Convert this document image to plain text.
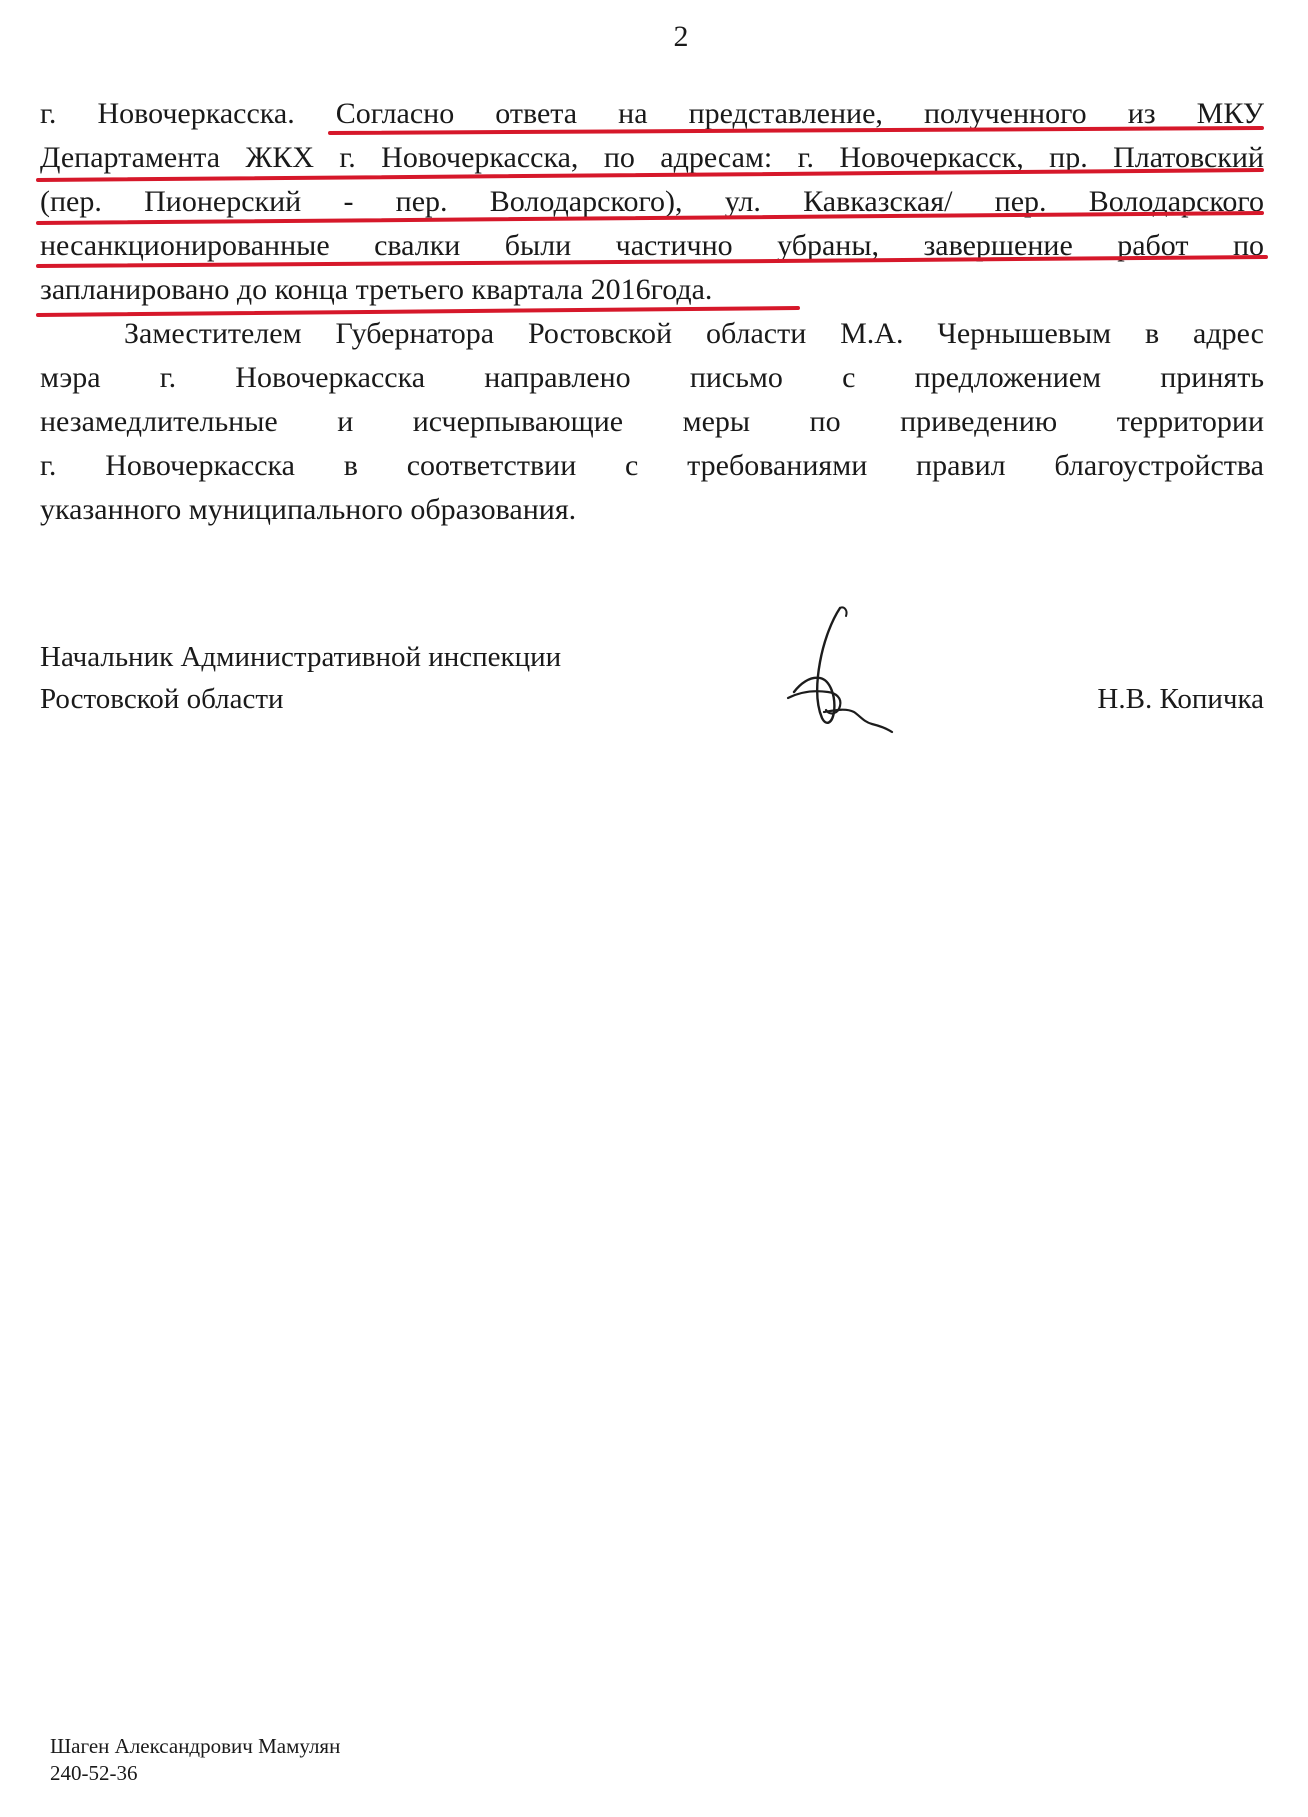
2
г. Новочеркасска. Согласно ответа на представление, полученного из МКУ
Департамента ЖКХ г. Новочеркасска, по адресам: г. Новочеркасск, пр. Платовский
(пер. Пионерский - пер. Володарского), ул. Кавказская/ пер. Володарского
несанкционированные свалки были частично убраны, завершение работ по
запланировано до конца третьего квартала 2016года.
Заместителем Губернатора Ростовской области М.А. Чернышевым в адрес
мэра г. Новочеркасска направлено письмо с предложением принять
незамедлительные и исчерпывающие меры по приведению территории
г. Новочеркасска в соответствии с требованиями правил благоустройства
указанного муниципального образования.
Начальник Административной инспекции
Ростовской области	Н.В. Копичка
Шаген Александрович Мамулян
240-52-36
